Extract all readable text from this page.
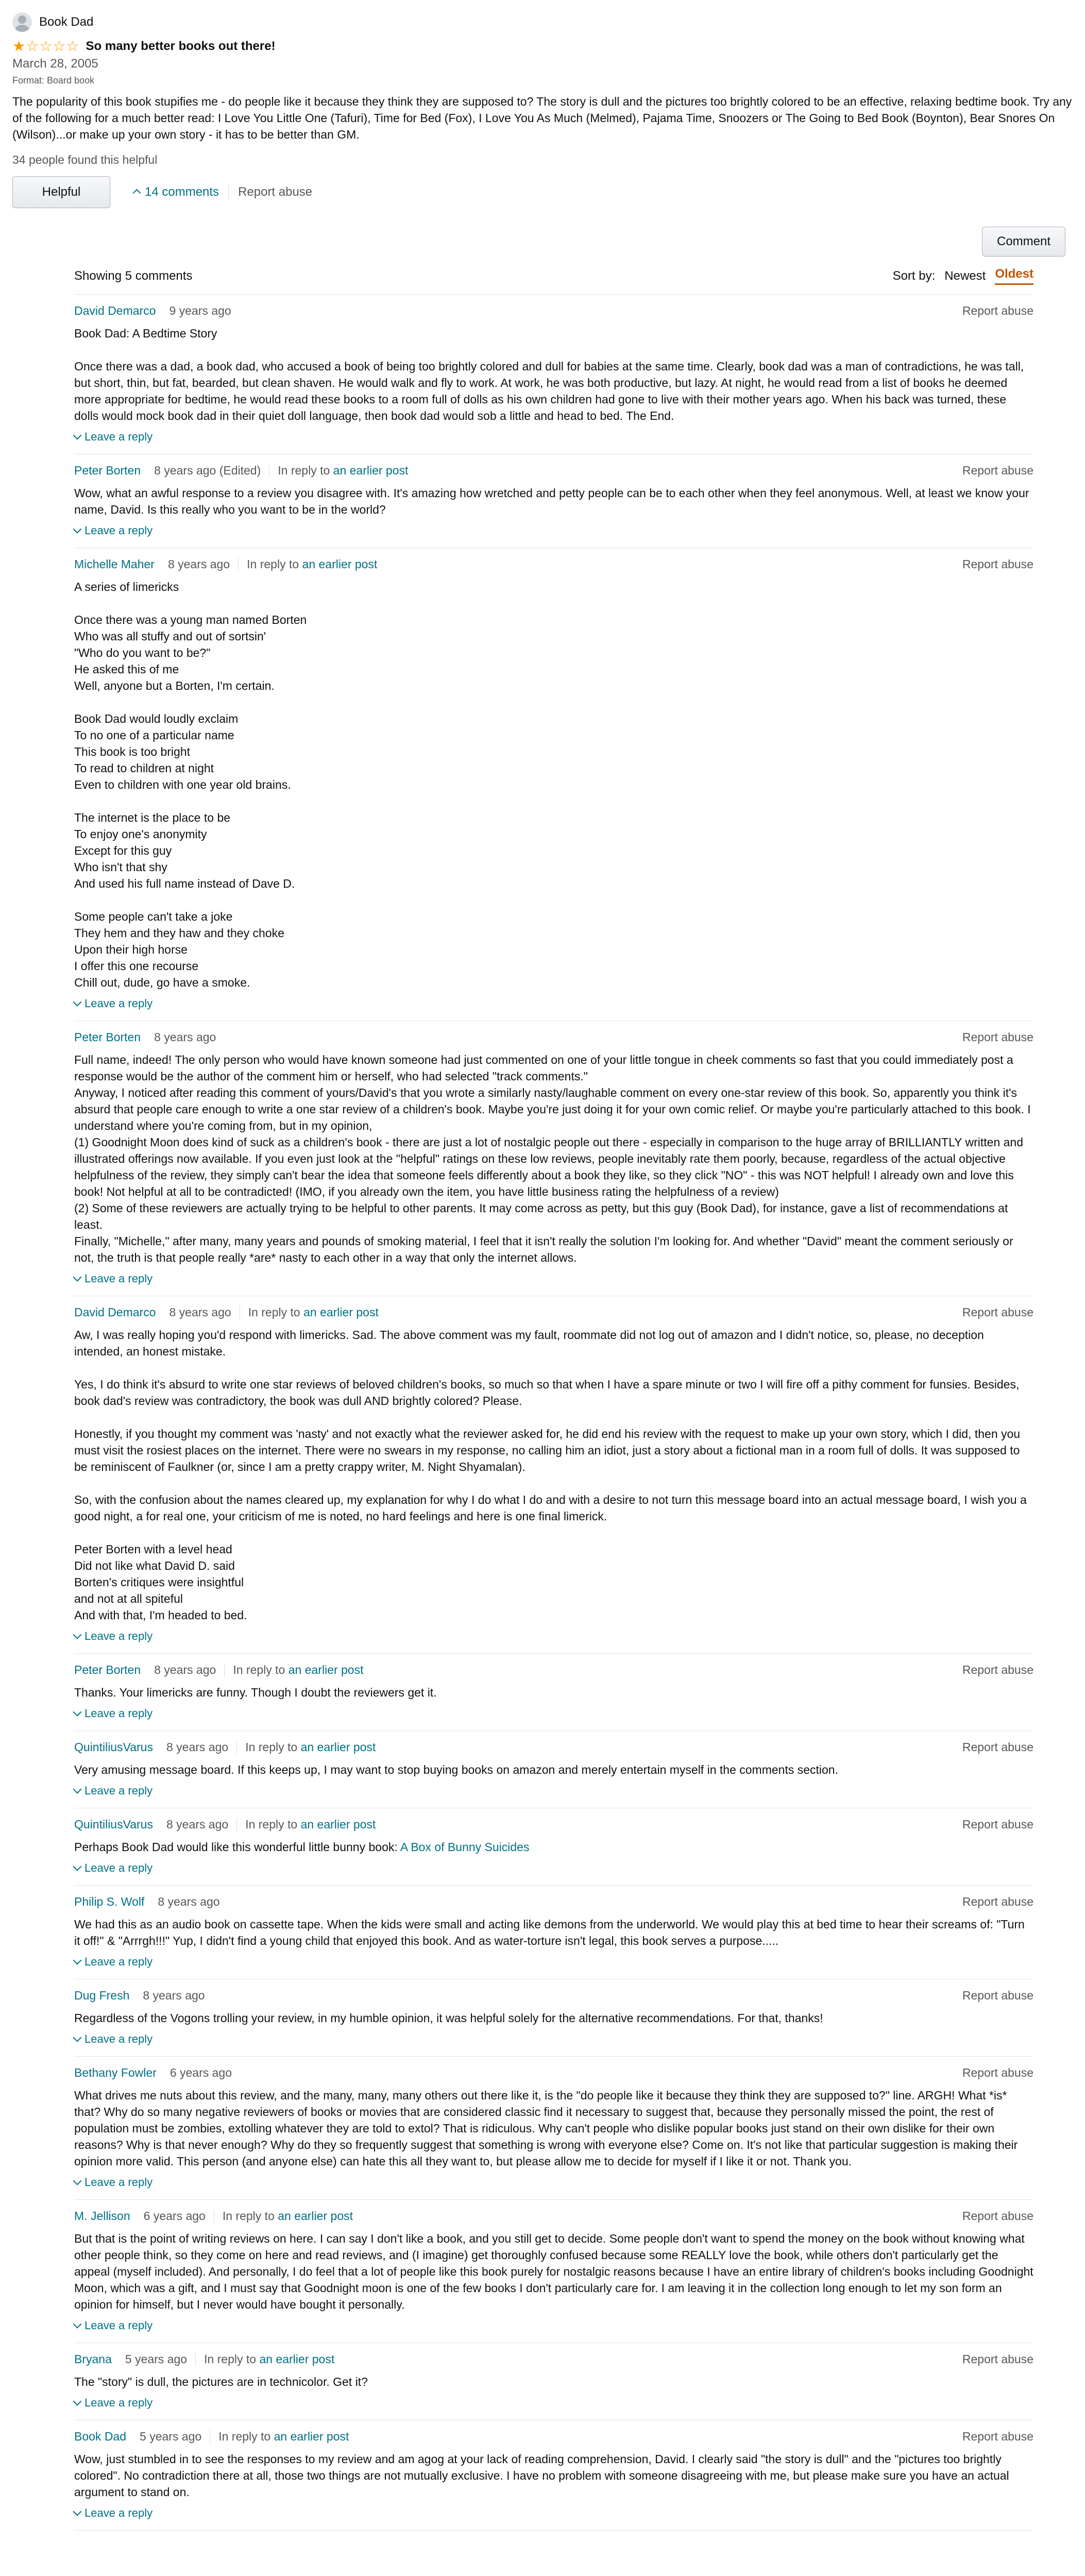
Book Dad
★☆☆☆☆ So many better books out there!
March 28, 2005
Format: Board book
The popularity of this book stupifies me - do people like it because they think they are supposed to? The story is dull and the pictures too brightly colored to be an effective, relaxing bedtime book. Try any of the following for a much better read: I Love You Little One (Tafuri), Time for Bed (Fox), I Love You As Much (Melmed), Pajama Time, Snoozers or The Going to Bed Book (Boynton), Bear Snores On (Wilson)...or make up your own story - it has to be better than GM.
34 people found this helpful
Helpful	14 comments Report abuse
Comment
Showing 5 comments	Sort by: Newest Oldest
David Demarco 9 years ago	Report abuse
Book Dad: A Bedtime Story

Once there was a dad, a book dad, who accused a book of being too brightly colored and dull for babies at the same time. Clearly, book dad was a man of contradictions, he was tall, but short, thin, but fat, bearded, but clean shaven. He would walk and fly to work. At work, he was both productive, but lazy. At night, he would read from a list of books he deemed more appropriate for bedtime, he would read these books to a room full of dolls as his own children had gone to live with their mother years ago. When his back was turned, these dolls would mock book dad in their quiet doll language, then book dad would sob a little and head to bed. The End.
Leave a reply
Peter Borten 8 years ago (Edited) In reply to an earlier post	Report abuse
Wow, what an awful response to a review you disagree with. It's amazing how wretched and petty people can be to each other when they feel anonymous. Well, at least we know your name, David. Is this really who you want to be in the world?
Leave a reply
Michelle Maher 8 years ago In reply to an earlier post	Report abuse
A series of limericks

Once there was a young man named Borten
Who was all stuffy and out of sortsin'
"Who do you want to be?"
He asked this of me
Well, anyone but a Borten, I'm certain.

Book Dad would loudly exclaim
To no one of a particular name
This book is too bright
To read to children at night
Even to children with one year old brains.

The internet is the place to be
To enjoy one's anonymity
Except for this guy
Who isn't that shy
And used his full name instead of Dave D.

Some people can't take a joke
They hem and they haw and they choke
Upon their high horse
I offer this one recourse
Chill out, dude, go have a smoke.
Leave a reply
Peter Borten 8 years ago	Report abuse
Full name, indeed! The only person who would have known someone had just commented on one of your little tongue in cheek comments so fast that you could immediately post a response would be the author of the comment him or herself, who had selected "track comments."
Anyway, I noticed after reading this comment of yours/David's that you wrote a similarly nasty/laughable comment on every one-star review of this book. So, apparently you think it's absurd that people care enough to write a one star review of a children's book. Maybe you're just doing it for your own comic relief. Or maybe you're particularly attached to this book. I understand where you're coming from, but in my opinion,
(1) Goodnight Moon does kind of suck as a children's book - there are just a lot of nostalgic people out there - especially in comparison to the huge array of BRILLIANTLY written and illustrated offerings now available. If you even just look at the "helpful" ratings on these low reviews, people inevitably rate them poorly, because, regardless of the actual objective helpfulness of the review, they simply can't bear the idea that someone feels differently about a book they like, so they click "NO" - this was NOT helpful! I already own and love this book! Not helpful at all to be contradicted! (IMO, if you already own the item, you have little business rating the helpfulness of a review)
(2) Some of these reviewers are actually trying to be helpful to other parents. It may come across as petty, but this guy (Book Dad), for instance, gave a list of recommendations at least.
Finally, "Michelle," after many, many years and pounds of smoking material, I feel that it isn't really the solution I'm looking for. And whether "David" meant the comment seriously or not, the truth is that people really *are* nasty to each other in a way that only the internet allows.
Leave a reply
David Demarco 8 years ago In reply to an earlier post	Report abuse
Aw, I was really hoping you'd respond with limericks. Sad. The above comment was my fault, roommate did not log out of amazon and I didn't notice, so, please, no deception intended, an honest mistake.

Yes, I do think it's absurd to write one star reviews of beloved children's books, so much so that when I have a spare minute or two I will fire off a pithy comment for funsies. Besides, book dad's review was contradictory, the book was dull AND brightly colored? Please.

Honestly, if you thought my comment was 'nasty' and not exactly what the reviewer asked for, he did end his review with the request to make up your own story, which I did, then you must visit the rosiest places on the internet. There were no swears in my response, no calling him an idiot, just a story about a fictional man in a room full of dolls. It was supposed to be reminiscent of Faulkner (or, since I am a pretty crappy writer, M. Night Shyamalan).

So, with the confusion about the names cleared up, my explanation for why I do what I do and with a desire to not turn this message board into an actual message board, I wish you a good night, a for real one, your criticism of me is noted, no hard feelings and here is one final limerick.

Peter Borten with a level head
Did not like what David D. said
Borten's critiques were insightful
and not at all spiteful
And with that, I'm headed to bed.
Leave a reply
Peter Borten 8 years ago In reply to an earlier post	Report abuse
Thanks. Your limericks are funny. Though I doubt the reviewers get it.
Leave a reply
QuintiliusVarus 8 years ago In reply to an earlier post	Report abuse
Very amusing message board. If this keeps up, I may want to stop buying books on amazon and merely entertain myself in the comments section.
Leave a reply
QuintiliusVarus 8 years ago In reply to an earlier post	Report abuse
Perhaps Book Dad would like this wonderful little bunny book: A Box of Bunny Suicides
Leave a reply
Philip S. Wolf 8 years ago	Report abuse
We had this as an audio book on cassette tape. When the kids were small and acting like demons from the underworld. We would play this at bed time to hear their screams of: "Turn it off!" & "Arrrgh!!!" Yup, I didn't find a young child that enjoyed this book. And as water-torture isn't legal, this book serves a purpose.....
Leave a reply
Dug Fresh 8 years ago	Report abuse
Regardless of the Vogons trolling your review, in my humble opinion, it was helpful solely for the alternative recommendations. For that, thanks!
Leave a reply
Bethany Fowler 6 years ago	Report abuse
What drives me nuts about this review, and the many, many, many others out there like it, is the "do people like it because they think they are supposed to?" line. ARGH! What *is* that? Why do so many negative reviewers of books or movies that are considered classic find it necessary to suggest that, because they personally missed the point, the rest of population must be zombies, extolling whatever they are told to extol? That is ridiculous. Why can't people who dislike popular books just stand on their own dislike for their own reasons? Why is that never enough? Why do they so frequently suggest that something is wrong with everyone else? Come on. It's not like that particular suggestion is making their opinion more valid. This person (and anyone else) can hate this all they want to, but please allow me to decide for myself if I like it or not. Thank you.
Leave a reply
M. Jellison 6 years ago In reply to an earlier post	Report abuse
But that is the point of writing reviews on here. I can say I don't like a book, and you still get to decide. Some people don't want to spend the money on the book without knowing what other people think, so they come on here and read reviews, and (I imagine) get thoroughly confused because some REALLY love the book, while others don't particularly get the appeal (myself included). And personally, I do feel that a lot of people like this book purely for nostalgic reasons because I have an entire library of children's books including Goodnight Moon, which was a gift, and I must say that Goodnight moon is one of the few books I don't particularly care for. I am leaving it in the collection long enough to let my son form an opinion for himself, but I never would have bought it personally.
Leave a reply
Bryana 5 years ago In reply to an earlier post	Report abuse
The "story" is dull, the pictures are in technicolor. Get it?
Leave a reply
Book Dad 5 years ago In reply to an earlier post	Report abuse
Wow, just stumbled in to see the responses to my review and am agog at your lack of reading comprehension, David. I clearly said "the story is dull" and the "pictures too brightly colored". No contradiction there at all, those two things are not mutually exclusive. I have no problem with someone disagreeing with me, but please make sure you have an actual argument to stand on.
Leave a reply
